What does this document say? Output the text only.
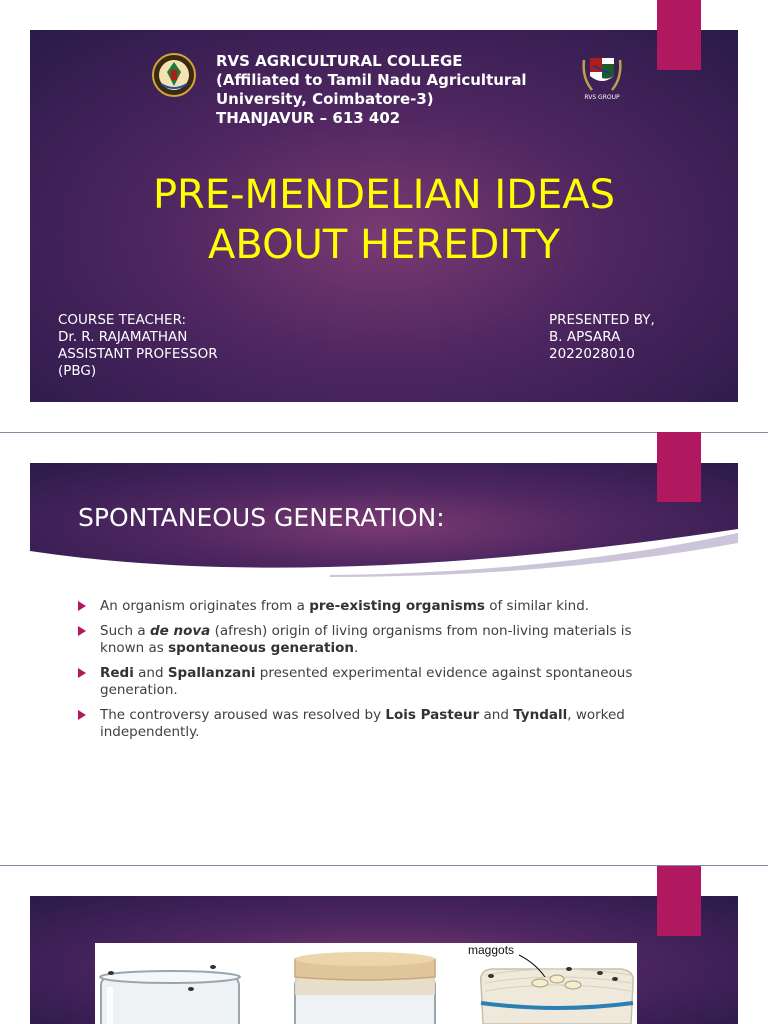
RVS AGRICULTURAL COLLEGE
(Affiliated to Tamil Nadu Agricultural
University, Coimbatore-3)
THANJAVUR – 613 402
RVS GROUP
PRE-MENDELIAN IDEAS
ABOUT HEREDITY
COURSE TEACHER:
Dr. R. RAJAMATHAN
ASSISTANT PROFESSOR
(PBG)
PRESENTED BY,
B. APSARA
2022028010
SPONTANEOUS GENERATION:
An organism originates from a pre-existing organisms of similar kind.
Such a de nova (afresh) origin of living organisms from non-living materials is known as spontaneous generation.
Redi and Spallanzani presented experimental evidence against spontaneous generation.
The controversy aroused was resolved by Lois Pasteur and Tyndall, worked independently.
maggots
